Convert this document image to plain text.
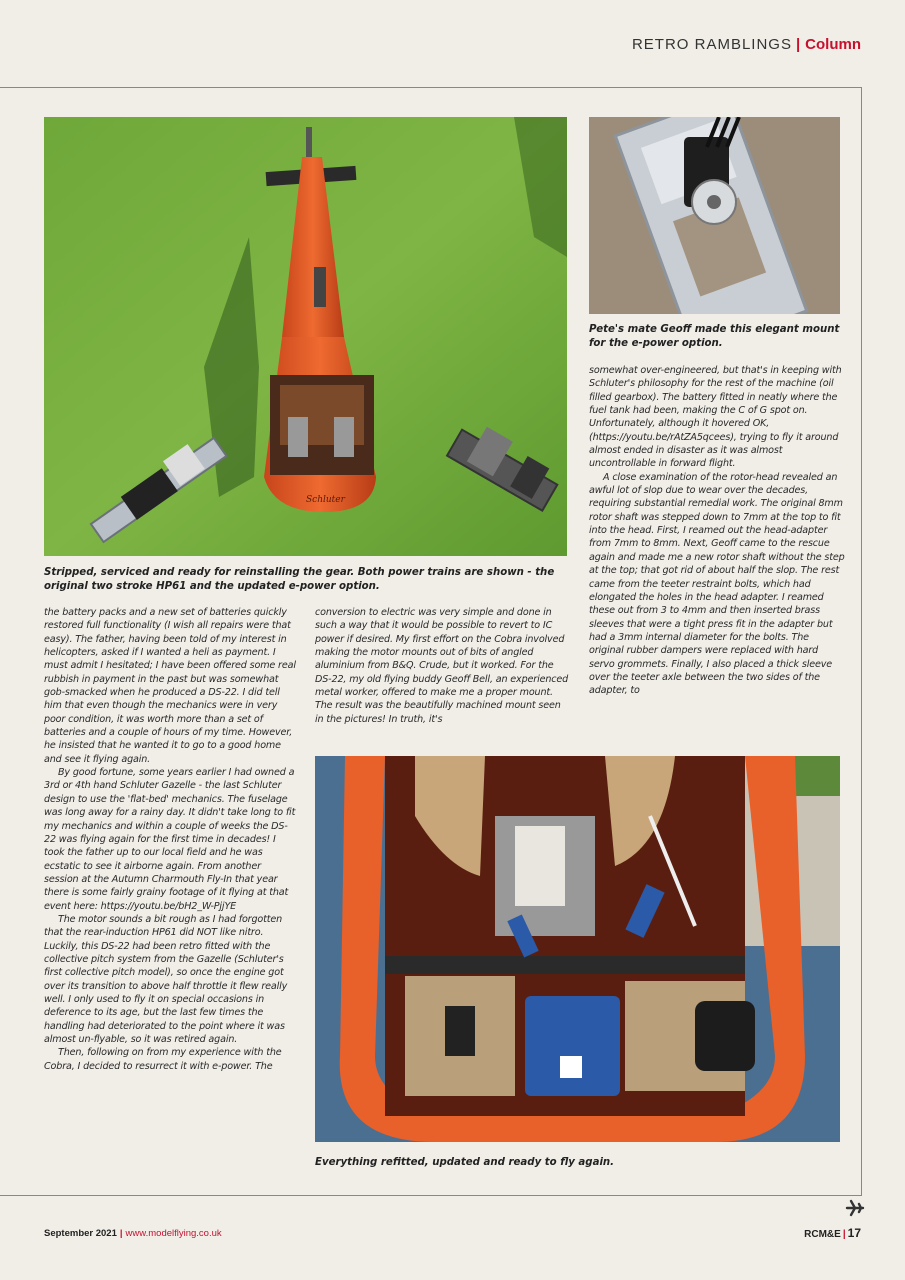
RETRO RAMBLINGS | Column
Schluter
Pete's mate Geoff made this elegant mount for the e-power option.
Stripped, serviced and ready for reinstalling the gear. Both power trains are shown - the original two stroke HP61 and the updated e-power option.

somewhat over-engineered, but that's in keeping with Schluter's philosophy for the rest of the machine (oil filled gearbox). The battery fitted in neatly where the fuel tank had been, making the C of G spot on. Unfortunately, although it hovered OK, (https://youtu.be/rAtZA5qcees), trying to fly it around almost ended in disaster as it was almost uncontrollable in forward flight.

A close examination of the rotor-head revealed an awful lot of slop due to wear over the decades, requiring substantial remedial work. The original 8mm rotor shaft was stepped down to 7mm at the top to fit into the head. First, I reamed out the head-adapter from 7mm to 8mm. Next, Geoff came to the rescue again and made me a new rotor shaft without the step at the top; that got rid of about half the slop. The rest came from the teeter restraint bolts, which had elongated the holes in the head adapter. I reamed these out from 3 to 4mm and then inserted brass sleeves that were a tight press fit in the adapter but had a 3mm internal diameter for the bolts. The original rubber dampers were replaced with hard servo grommets. Finally, I also placed a thick sleeve over the teeter axle between the two sides of the adapter, to

the battery packs and a new set of batteries quickly restored full functionality (I wish all repairs were that easy). The father, having been told of my interest in helicopters, asked if I wanted a heli as payment. I must admit I hesitated; I have been offered some real rubbish in payment in the past but was somewhat gob-smacked when he produced a DS-22. I did tell him that even though the mechanics were in very poor condition, it was worth more than a set of batteries and a couple of hours of my time. However, he insisted that he wanted it to go to a good home and see it flying again.

By good fortune, some years earlier I had owned a 3rd or 4th hand Schluter Gazelle - the last Schluter design to use the 'flat-bed' mechanics. The fuselage was long away for a rainy day. It didn't take long to fit my mechanics and within a couple of weeks the DS-22 was flying again for the first time in decades! I took the father up to our local field and he was ecstatic to see it airborne again. From another session at the Autumn Charmouth Fly-In that year there is some fairly grainy footage of it flying at that event here: https://youtu.be/bH2_W-PjjYE

The motor sounds a bit rough as I had forgotten that the rear-induction HP61 did NOT like nitro. Luckily, this DS-22 had been retro fitted with the collective pitch system from the Gazelle (Schluter's first collective pitch model), so once the engine got over its transition to above half throttle it flew really well. I only used to fly it on special occasions in deference to its age, but the last few times the handling had deteriorated to the point where it was almost un-flyable, so it was retired again.

Then, following on from my experience with the Cobra, I decided to resurrect it with e-power. The

conversion to electric was very simple and done in such a way that it would be possible to revert to IC power if desired. My first effort on the Cobra involved making the motor mounts out of bits of angled aluminium from B&Q. Crude, but it worked. For the DS-22, my old flying buddy Geoff Bell, an experienced metal worker, offered to make me a proper mount. The result was the beautifully machined mount seen in the pictures! In truth, it's

Everything refitted, updated and ready to fly again.
September 2021 | www.modelflying.co.uk	RCM&E | 17
